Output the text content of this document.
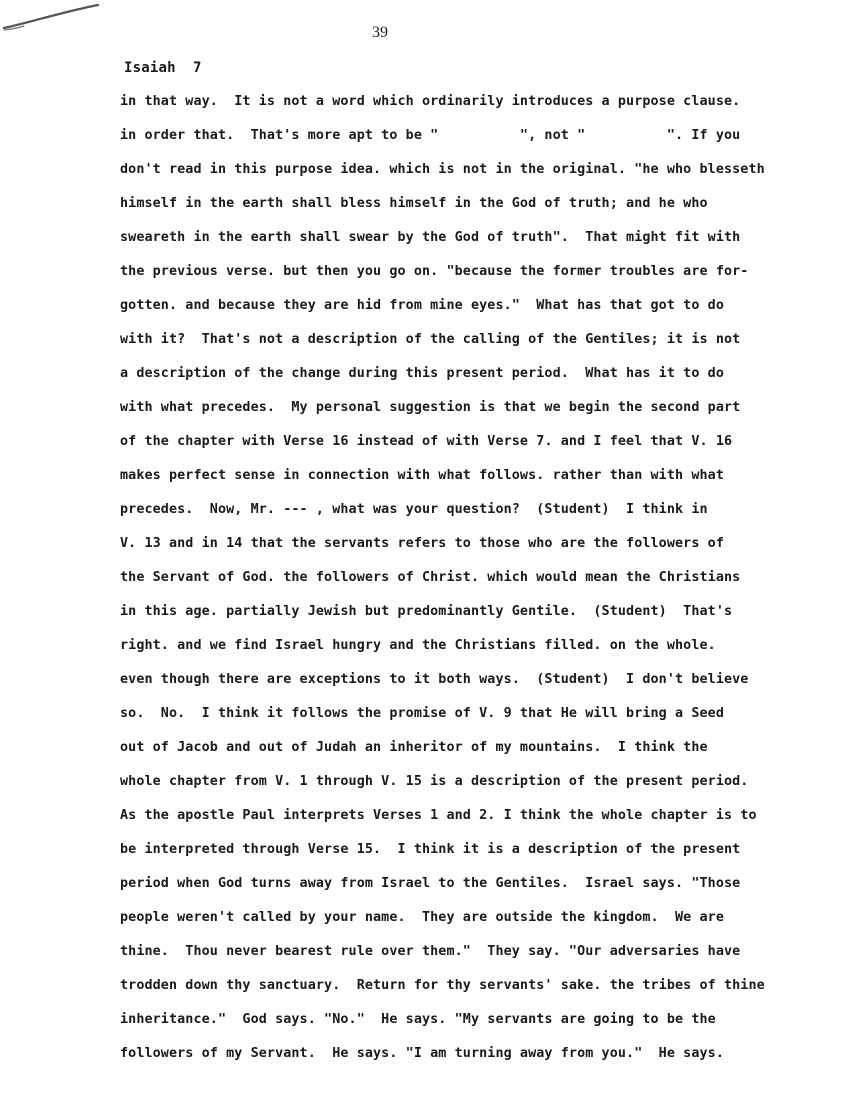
39
Isaiah  7
in that way.  It is not a word which ordinarily introduces a purpose clause.
in order that.  That's more apt to be "          ", not "          ". If you
don't read in this purpose idea. which is not in the original. "he who blesseth
himself in the earth shall bless himself in the God of truth; and he who
sweareth in the earth shall swear by the God of truth".  That might fit with
the previous verse. but then you go on. "because the former troubles are for-
gotten. and because they are hid from mine eyes."  What has that got to do
with it?  That's not a description of the calling of the Gentiles; it is not
a description of the change during this present period.  What has it to do
with what precedes.  My personal suggestion is that we begin the second part
of the chapter with Verse 16 instead of with Verse 7. and I feel that V. 16
makes perfect sense in connection with what follows. rather than with what
precedes.  Now, Mr. --- , what was your question?  (Student)  I think in
V. 13 and in 14 that the servants refers to those who are the followers of
the Servant of God. the followers of Christ. which would mean the Christians
in this age. partially Jewish but predominantly Gentile.  (Student)  That's
right. and we find Israel hungry and the Christians filled. on the whole.
even though there are exceptions to it both ways.  (Student)  I don't believe
so.  No.  I think it follows the promise of V. 9 that He will bring a Seed
out of Jacob and out of Judah an inheritor of my mountains.  I think the
whole chapter from V. 1 through V. 15 is a description of the present period.
As the apostle Paul interprets Verses 1 and 2. I think the whole chapter is to
be interpreted through Verse 15.  I think it is a description of the present
period when God turns away from Israel to the Gentiles.  Israel says. "Those
people weren't called by your name.  They are outside the kingdom.  We are
thine.  Thou never bearest rule over them."  They say. "Our adversaries have
trodden down thy sanctuary.  Return for thy servants' sake. the tribes of thine
inheritance."  God says. "No."  He says. "My servants are going to be the
followers of my Servant.  He says. "I am turning away from you."  He says.
